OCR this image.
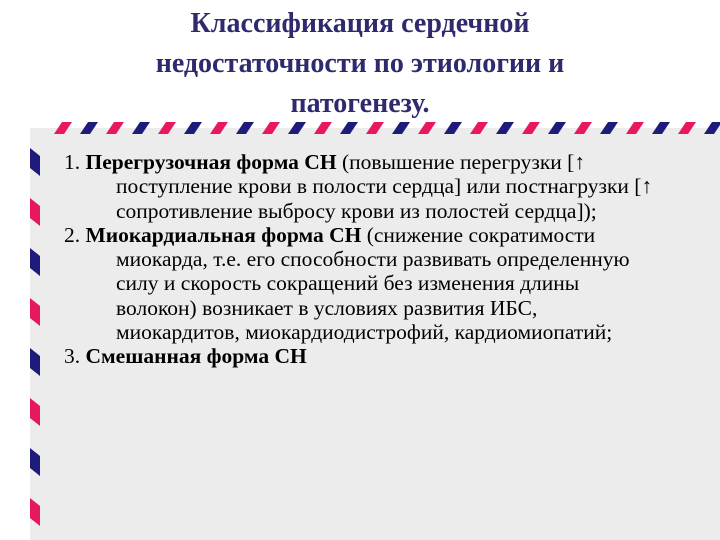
Классификация сердечной
недостаточности по этиологии и
патогенезу.
1. Перегрузочная форма СН (повышение перегрузки [↑ поступление крови в полости сердца] или постнагрузки [↑ сопротивление выбросу крови из полостей сердца]);
2. Миокардиальная форма СН (снижение сократимости миокарда, т.е. его способности развивать определенную силу и скорость сокращений без изменения длины волокон) возникает в условиях развития ИБС, миокардитов, миокардиодистрофий, кардиомиопатий;
3. Смешанная форма СН
